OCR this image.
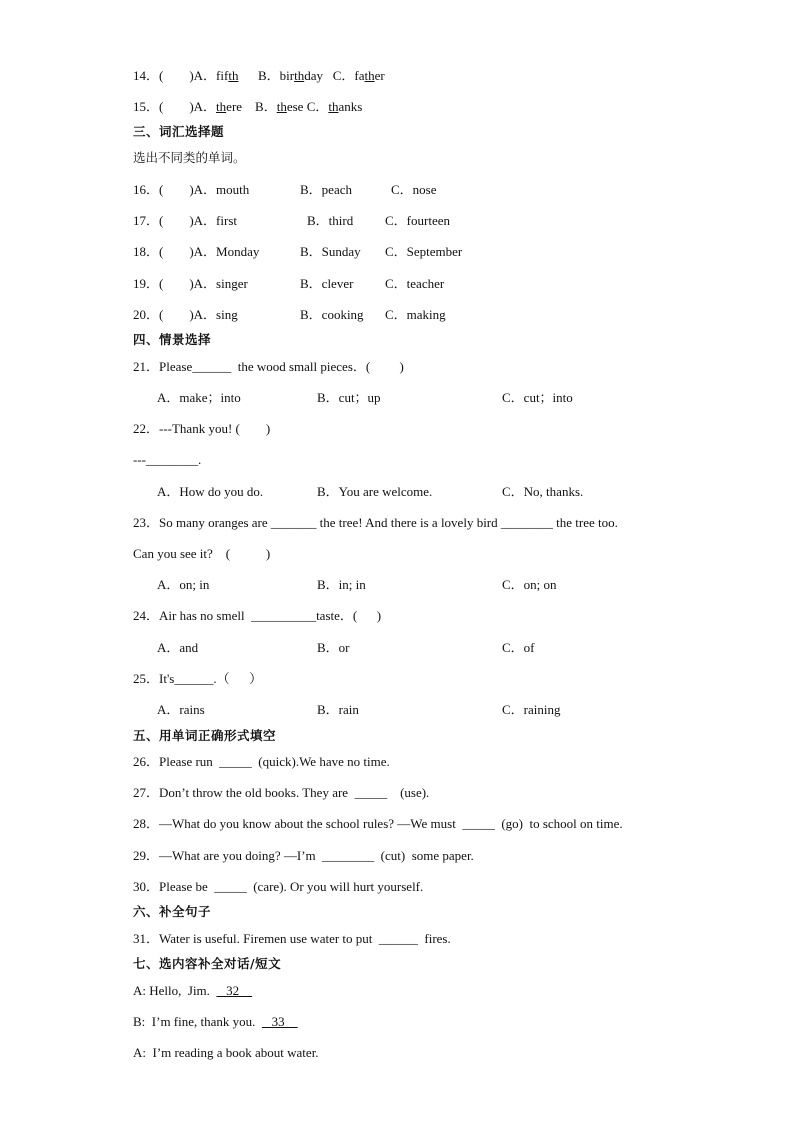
14．(        )A．fifth      B．birthday   C．father
15．(        )A．there    B．these C．thanks
三、词汇选择题
选出不同类的单词。
16．(        )A．mouth	B．peach	C．nose
17．(        )A．first	B．third C．fourteen
18．(        )A．Monday	B．Sunday C．September
19．(        )A．singer	B．clever C．teacher
20．(        )A．sing	B．cooking C．making
四、情景选择
21．Please______  the wood small pieces．(         )
A．make；into	B．cut；up	C．cut；into
22．---Thank you! (        )
---________.
A．How do you do.	B．You are welcome.	C．No, thanks.
23．So many oranges are _______ the tree! And there is a lovely bird ________ the tree too.
Can you see it?    (           )
A．on; in	B．in; in	C．on; on
24．Air has no smell  __________taste．(      )
A．and	B．or	C．of
25．It's______.（      ）
A．rains	B．rain	C．raining
五、用单词正确形式填空
26．Please run  _____  (quick).We have no time.
27．Don’t throw the old books. They are  _____    (use).
28．—What do you know about the school rules? —We must  _____  (go)  to school on time.
29．—What are you doing? —I’m  ________  (cut)  some paper.
30．Please be  _____  (care). Or you will hurt yourself.
六、补全句子
31．Water is useful. Firemen use water to put  ______  fires.
七、选内容补全对话/短文
A: Hello,  Jim.     32
B:  I’m fine, thank you.     33
A:  I’m reading a book about water.
